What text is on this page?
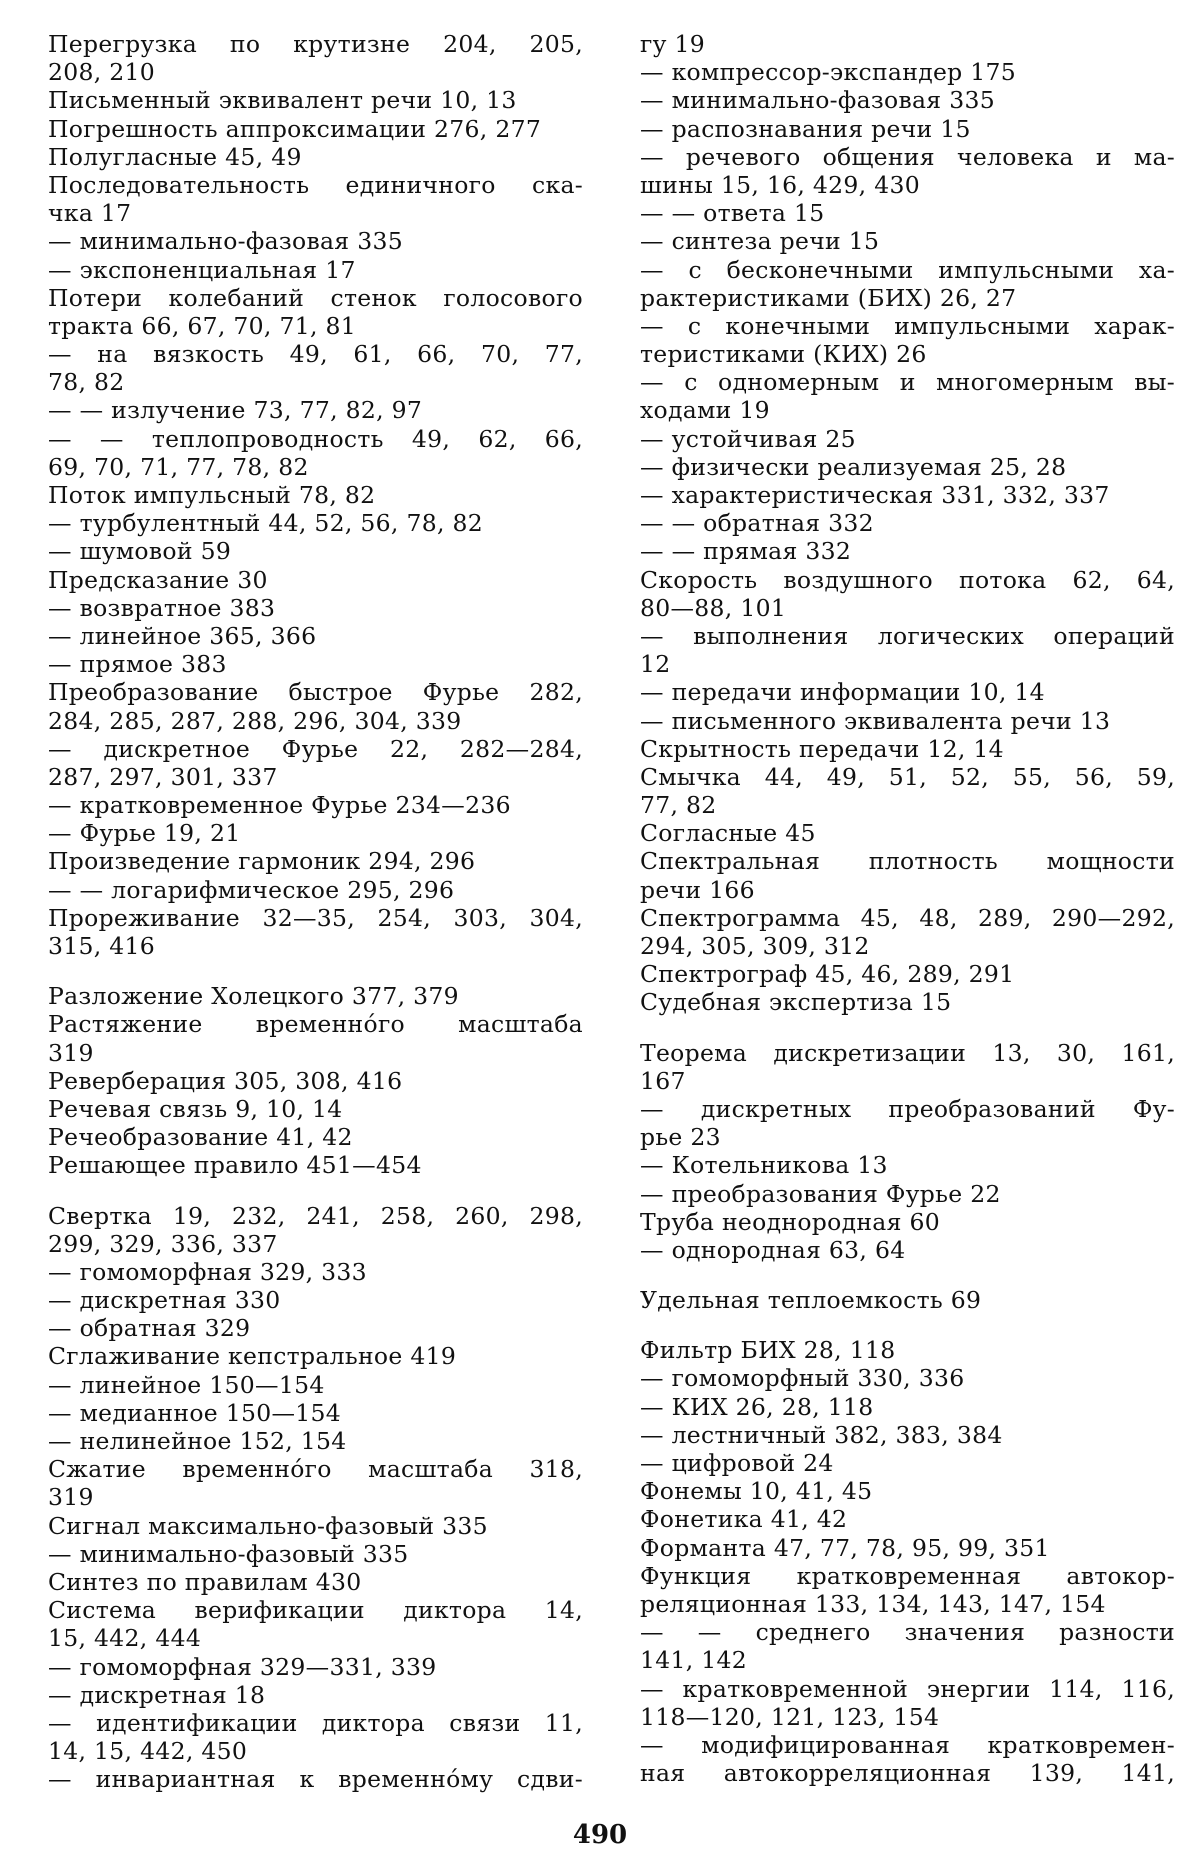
Перегрузка по крутизне 204, 205,
208, 210
Письменный эквивалент речи 10, 13
Погрешность аппроксимации 276, 277
Полугласные 45, 49
Последовательность единичного ска-
чка 17
— минимально-фазовая 335
— экспоненциальная 17
Потери колебаний стенок голосового
тракта 66, 67, 70, 71, 81
— на вязкость 49, 61, 66, 70, 77,
78, 82
— — излучение 73, 77, 82, 97
— — теплопроводность 49, 62, 66,
69, 70, 71, 77, 78, 82
Поток импульсный 78, 82
— турбулентный 44, 52, 56, 78, 82
— шумовой 59
Предсказание 30
— возвратное 383
— линейное 365, 366
— прямое 383
Преобразование быстрое Фурье 282,
284, 285, 287, 288, 296, 304, 339
— дискретное Фурье 22, 282—284,
287, 297, 301, 337
— кратковременное Фурье 234—236
— Фурье 19, 21
Произведение гармоник 294, 296
— — логарифмическое 295, 296
Прореживание 32—35, 254, 303, 304,
315, 416
Разложение Холецкого 377, 379
Растяжение временно́го масштаба
319
Реверберация 305, 308, 416
Речевая связь 9, 10, 14
Речеобразование 41, 42
Решающее правило 451—454
Свертка 19, 232, 241, 258, 260, 298,
299, 329, 336, 337
— гомоморфная 329, 333
— дискретная 330
— обратная 329
Сглаживание кепстральное 419
— линейное 150—154
— медианное 150—154
— нелинейное 152, 154
Сжатие временно́го масштаба 318,
319
Сигнал максимально-фазовый 335
— минимально-фазовый 335
Синтез по правилам 430
Система верификации диктора 14,
15, 442, 444
— гомоморфная 329—331, 339
— дискретная 18
— идентификации диктора связи 11,
14, 15, 442, 450
— инвариантная к временно́му сдви-
гу 19
— компрессор-экспандер 175
— минимально-фазовая 335
— распознавания речи 15
— речевого общения человека и ма-
шины 15, 16, 429, 430
— — ответа 15
— синтеза речи 15
— с бесконечными импульсными ха-
рактеристиками (БИХ) 26, 27
— с конечными импульсными харак-
теристиками (КИХ) 26
— с одномерным и многомерным вы-
ходами 19
— устойчивая 25
— физически реализуемая 25, 28
— характеристическая 331, 332, 337
— — обратная 332
— — прямая 332
Скорость воздушного потока 62, 64,
80—88, 101
— выполнения логических операций
12
— передачи информации 10, 14
— письменного эквивалента речи 13
Скрытность передачи 12, 14
Смычка 44, 49, 51, 52, 55, 56, 59,
77, 82
Согласные 45
Спектральная плотность мощности
речи 166
Спектрограмма 45, 48, 289, 290—292,
294, 305, 309, 312
Спектрограф 45, 46, 289, 291
Судебная экспертиза 15
Теорема дискретизации 13, 30, 161,
167
— дискретных преобразований Фу-
рье 23
— Котельникова 13
— преобразования Фурье 22
Труба неоднородная 60
— однородная 63, 64
Удельная теплоемкость 69
Фильтр БИХ 28, 118
— гомоморфный 330, 336
— КИХ 26, 28, 118
— лестничный 382, 383, 384
— цифровой 24
Фонемы 10, 41, 45
Фонетика 41, 42
Форманта 47, 77, 78, 95, 99, 351
Функция кратковременная автокор-
реляционная 133, 134, 143, 147, 154
— — среднего значения разности
141, 142
— кратковременной энергии 114, 116,
118—120, 121, 123, 154
— модифицированная кратковремен-
ная автокорреляционная 139, 141,
490
